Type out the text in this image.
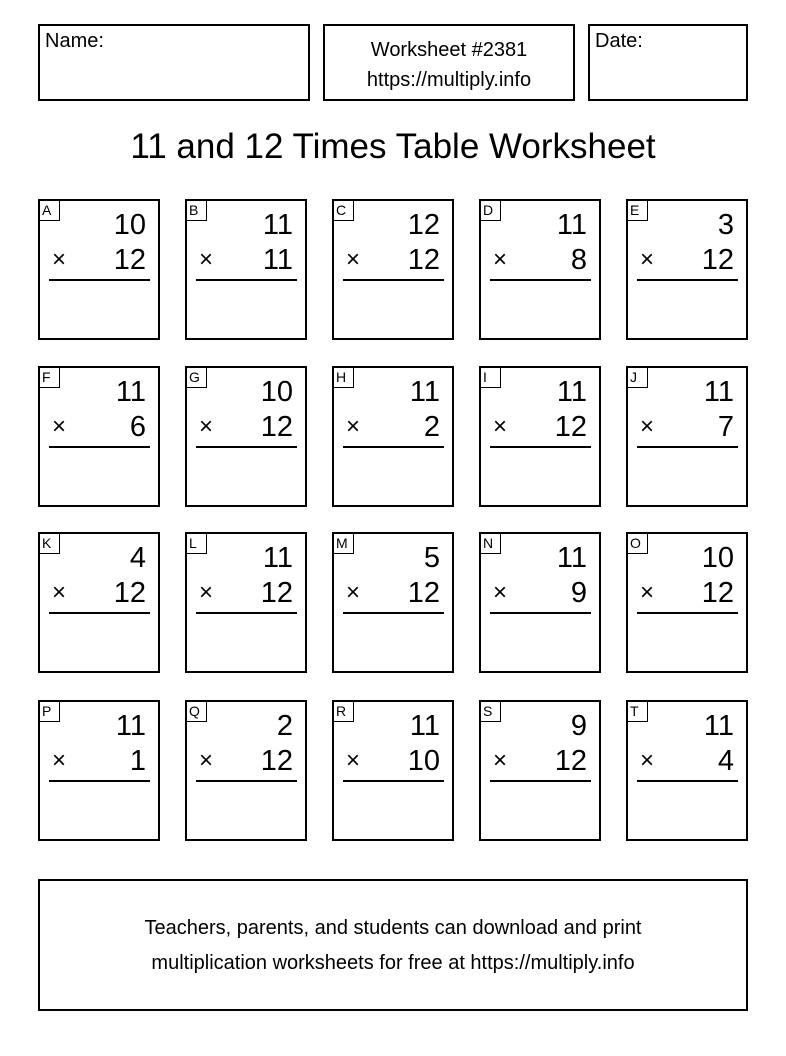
Name:	Worksheet #2381
https://multiply.info
Date:
11 and 12 Times Table Worksheet
A 10
× 12
B 11
× 11
C 12
× 12
D 11
× 8
E	3
× 12
F	11
× 6
G 10
× 12
H 11
× 2
I	11
× 12
J	11
× 7
K	4
× 12
L	11
× 12
M	5
× 12
N 11
× 9
O 10
× 12
P 11
× 1
Q	2
× 12
R 11
× 10
S	9
× 12
T	11
× 4
Teachers, parents, and students can download and print
multiplication worksheets for free at https://multiply.info
